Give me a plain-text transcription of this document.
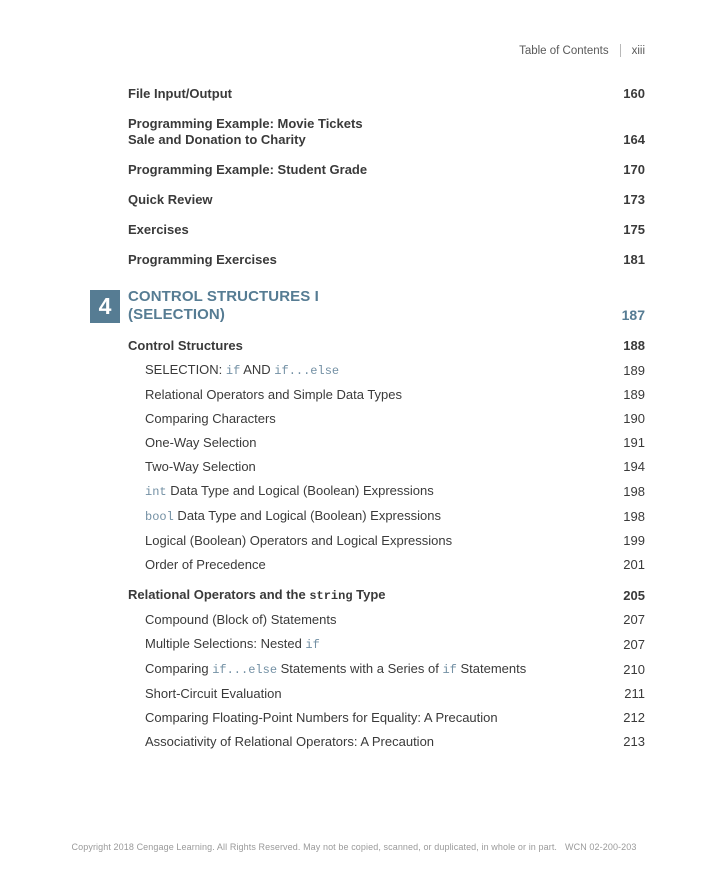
Table of Contents xiii
File Input/Output	160
Programming Example: Movie Tickets
Sale and Donation to Charity	164
Programming Example: Student Grade	170
Quick Review	173
Exercises	175
Programming Exercises	181
4	CONTROL STRUCTURES I
(SELECTION)	187
Control Structures	188
SELECTION: if AND if...else	189
Relational Operators and Simple Data Types	189
Comparing Characters	190
One-Way Selection	191
Two-Way Selection	194
int Data Type and Logical (Boolean) Expressions	198
bool Data Type and Logical (Boolean) Expressions	198
Logical (Boolean) Operators and Logical Expressions	199
Order of Precedence	201
Relational Operators and the string Type	205
Compound (Block of) Statements	207
Multiple Selections: Nested if	207
Comparing if...else Statements with a Series of if Statements	210
Short-Circuit Evaluation	211
Comparing Floating-Point Numbers for Equality: A Precaution	212
Associativity of Relational Operators: A Precaution	213
Copyright 2018 Cengage Learning. All Rights Reserved. May not be copied, scanned, or duplicated, in whole or in part. WCN 02-200-203
